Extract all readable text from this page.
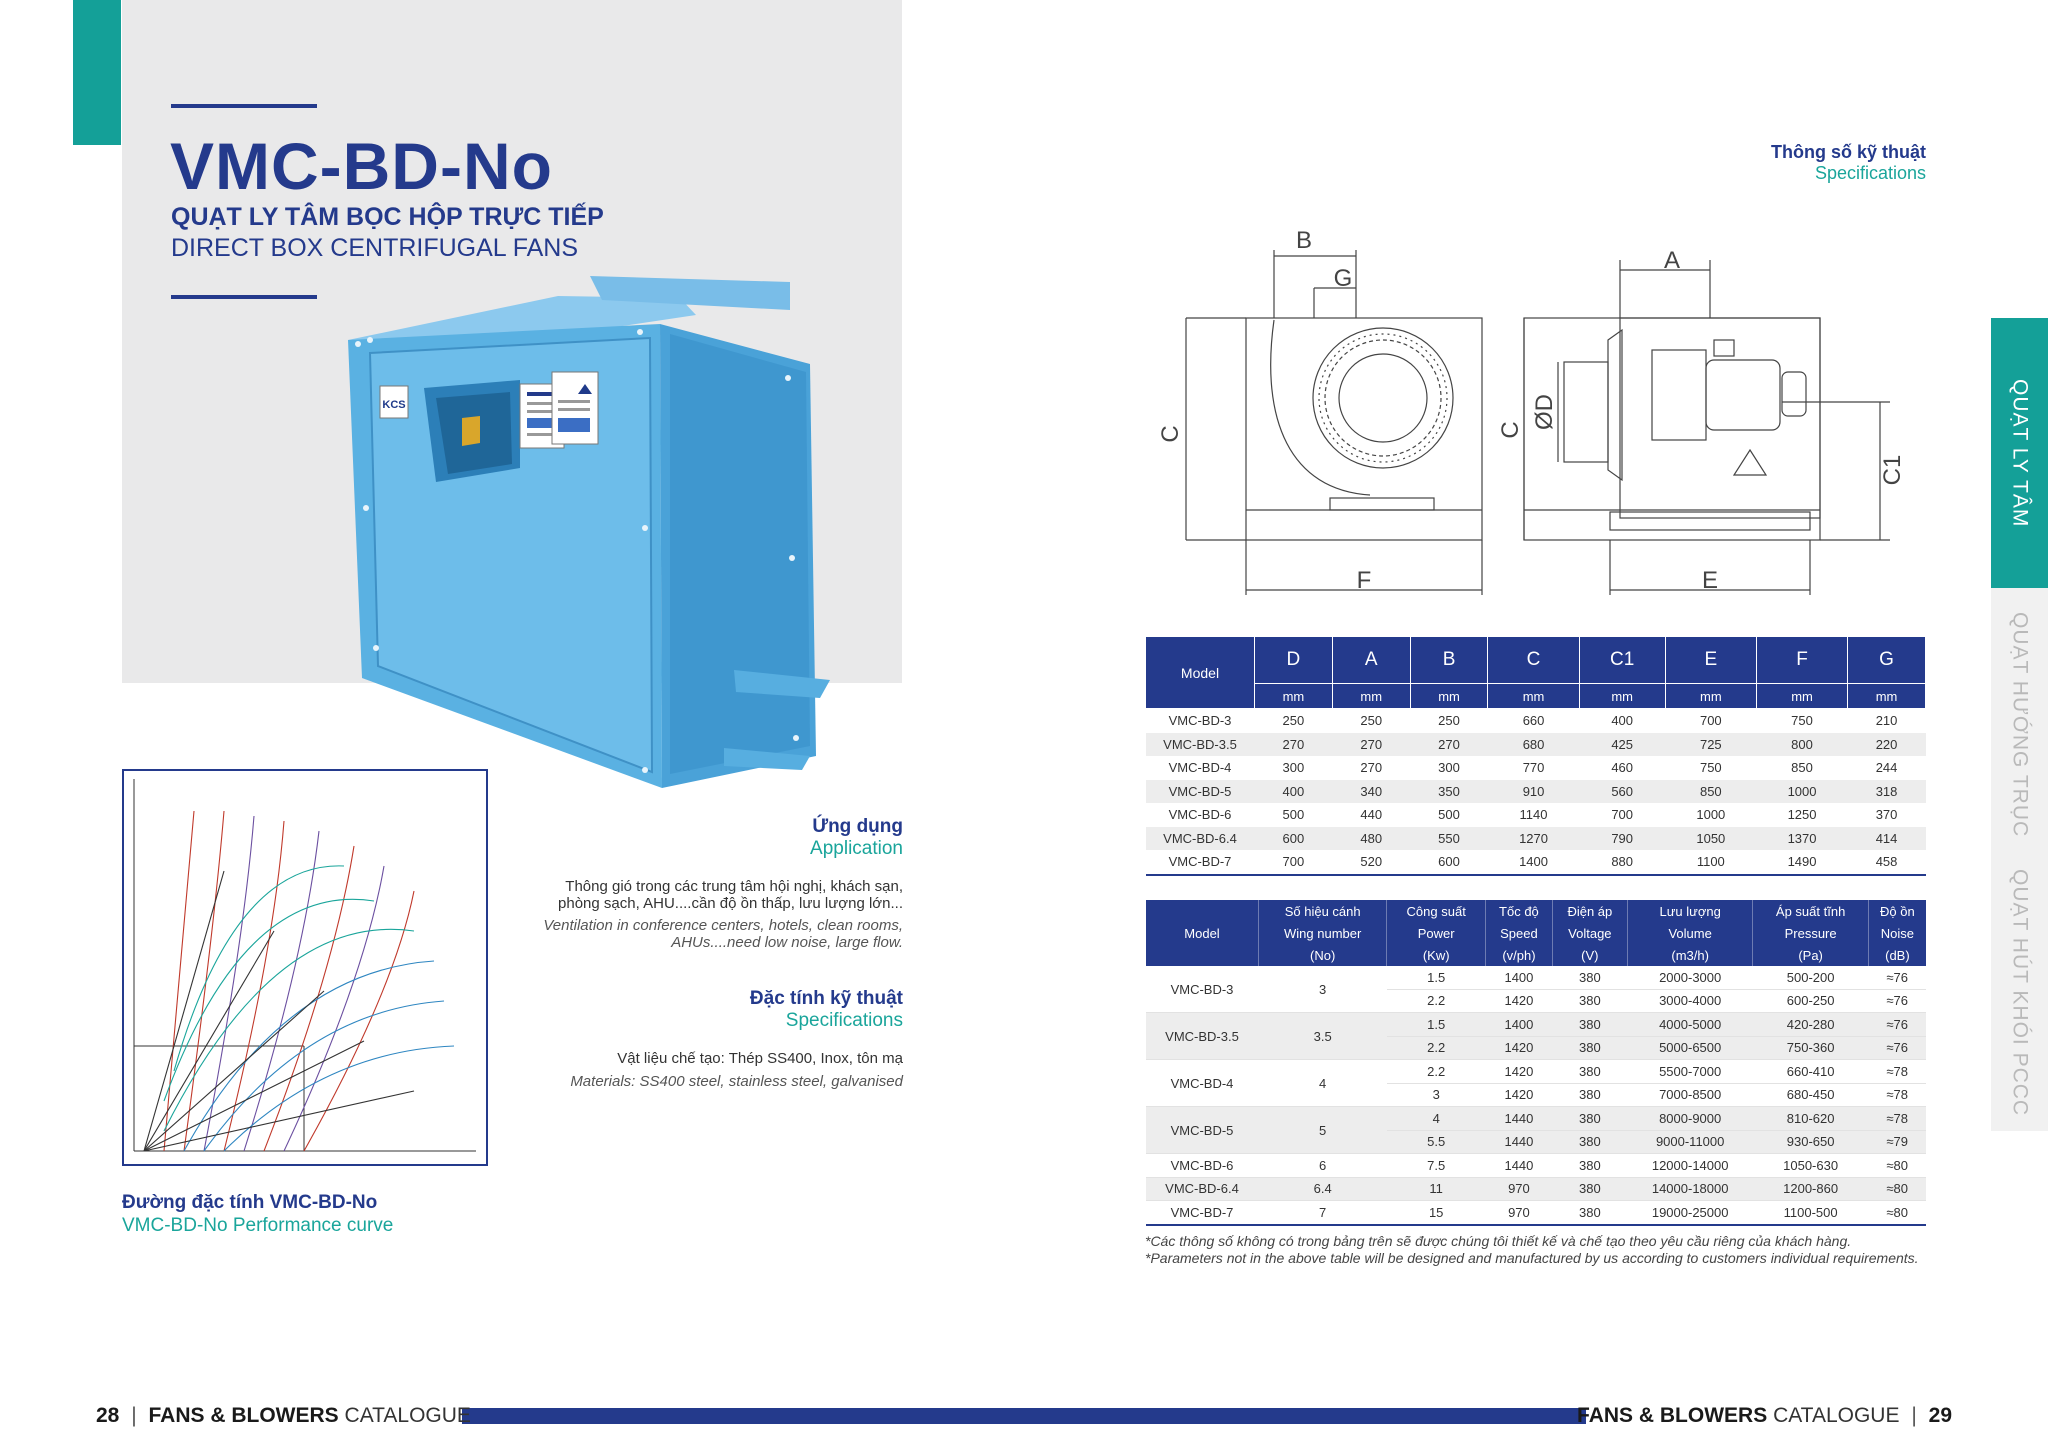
VMC-BD-No
QUẠT LY TÂM BỌC HỘP TRỰC TIẾP
DIRECT BOX CENTRIFUGAL FANS
KCS
Đường đặc tính VMC-BD-No
VMC-BD-No Performance curve
Ứng dụng
Application
Thông gió trong các trung tâm hội nghị, khách sạn,
phòng sạch, AHU....cần độ ồn thấp, lưu lượng lớn...
Ventilation in conference centers, hotels, clean rooms,
AHUs....need low noise, large flow.
Đặc tính kỹ thuật
Specifications
Vật liệu chế tạo: Thép SS400, Inox, tôn mạ
Materials: SS400 steel, stainless steel, galvanised
Thông số kỹ thuật
Specifications
B
G
C
F
A
C ØD
C1
E
Model	D	A	B	C	C1	E	F	G
	mm	mm	mm	mm	mm	mm	mm	mm
VMC-BD-3	250	250	250	660	400	700	750	210
VMC-BD-3.5	270	270	270	680	425	725	800	220
VMC-BD-4	300	270	300	770	460	750	850	244
VMC-BD-5	400	340	350	910	560	850	1000	318
VMC-BD-6	500	440	500	1140	700	1000	1250	370
VMC-BD-6.4	600	480	550	1270	790	1050	1370	414
VMC-BD-7	700	520	600	1400	880	1100	1490	458
Model	Số hiệu cánh	Công suất	Tốc độ	Điện áp	Lưu lượng	Áp suất tĩnh	Độ ồn
	Wing number	Power	Speed	Voltage	Volume	Pressure	Noise
	(No)	(Kw)	(v/ph)	(V)	(m3/h)	(Pa)	(dB)
VMC-BD-3	3	1.5	1400	380	2000-3000	500-200	≈76
		2.2	1420	380	3000-4000	600-250	≈76
VMC-BD-3.5	3.5	1.5	1400	380	4000-5000	420-280	≈76
		2.2	1420	380	5000-6500	750-360	≈76
VMC-BD-4	4	2.2	1420	380	5500-7000	660-410	≈78
		3	1420	380	7000-8500	680-450	≈78
VMC-BD-5	5	4	1440	380	8000-9000	810-620	≈78
		5.5	1440	380	9000-11000	930-650	≈79
VMC-BD-6	6	7.5	1440	380	12000-14000	1050-630	≈80
VMC-BD-6.4	6.4	11	970	380	14000-18000	1200-860	≈80
VMC-BD-7	7	15	970	380	19000-25000	1100-500	≈80
*Các thông số không có trong bảng trên sẽ được chúng tôi thiết kế và chế tạo theo yêu cầu riêng của khách hàng.
*Parameters not in the above table will be designed and manufactured by us according to customers individual requirements.
QUẠT LY TÂM
QUẠT HƯỚNG TRỤC
QUẠT HÚT KHÓI PCCC
28 | FANS & BLOWERS CATALOGUE	FANS & BLOWERS CATALOGUE | 29
